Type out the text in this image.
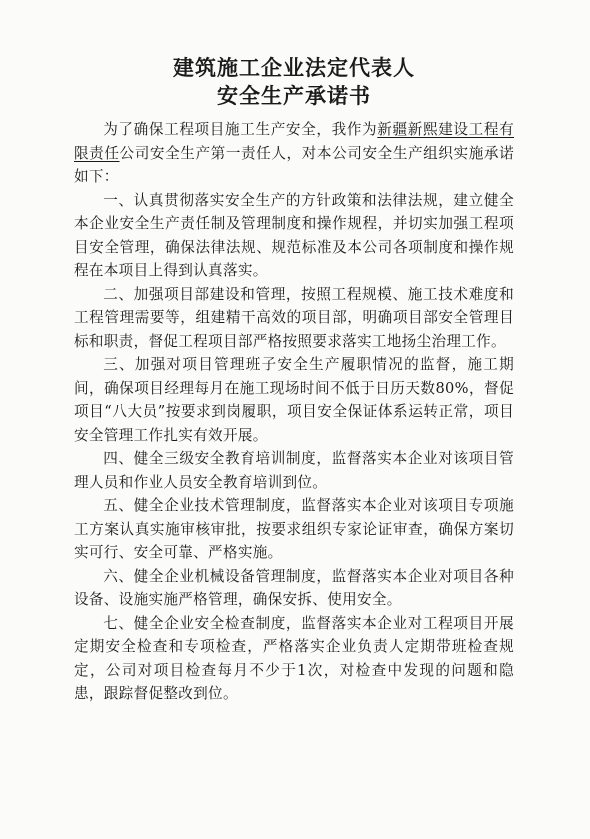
建筑施工企业法定代表人
安全生产承诺书

为了确保工程项目施工生产安全，我作为新疆新熙建设工程有限责任公司安全生产第一责任人，对本公司安全生产组织实施承诺如下：

一、认真贯彻落实安全生产的方针政策和法律法规，建立健全本企业安全生产责任制及管理制度和操作规程，并切实加强工程项目安全管理，确保法律法规、规范标准及本公司各项制度和操作规程在本项目上得到认真落实。

二、加强项目部建设和管理，按照工程规模、施工技术难度和工程管理需要等，组建精干高效的项目部，明确项目部安全管理目标和职责，督促工程项目部严格按照要求落实工地扬尘治理工作。

三、加强对项目管理班子安全生产履职情况的监督，施工期间，确保项目经理每月在施工现场时间不低于日历天数80%，督促项目“八大员”按要求到岗履职，项目安全保证体系运转正常，项目安全管理工作扎实有效开展。

四、健全三级安全教育培训制度，监督落实本企业对该项目管理人员和作业人员安全教育培训到位。

五、健全企业技术管理制度，监督落实本企业对该项目专项施工方案认真实施审核审批，按要求组织专家论证审查，确保方案切实可行、安全可靠、严格实施。

六、健全企业机械设备管理制度，监督落实本企业对项目各种设备、设施实施严格管理，确保安拆、使用安全。

七、健全企业安全检查制度，监督落实本企业对工程项目开展定期安全检查和专项检查，严格落实企业负责人定期带班检查规定，公司对项目检查每月不少于1次，对检查中发现的问题和隐患，跟踪督促整改到位。
